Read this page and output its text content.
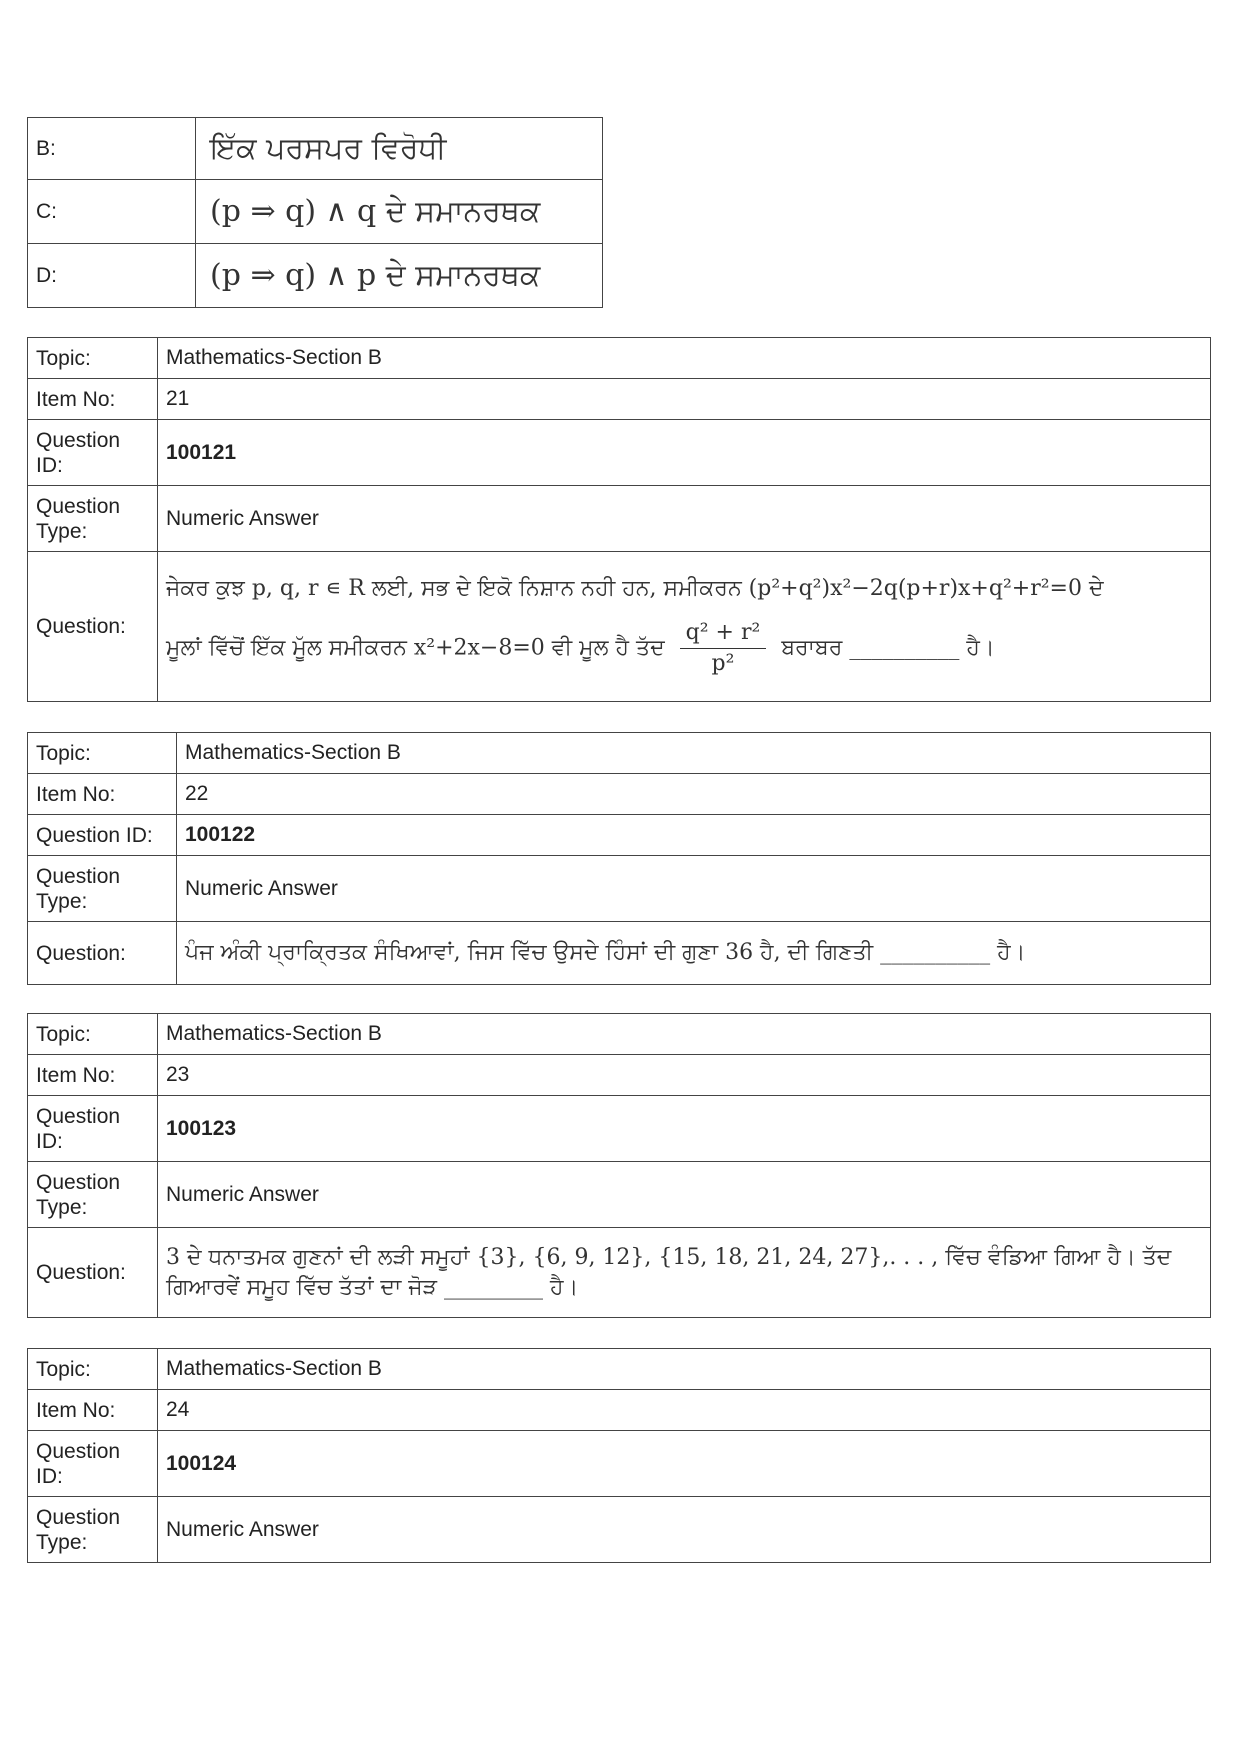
B:	ਇੱਕ ਪਰਸਪਰ ਵਿਰੋਧੀ
C:	(p ⇒ q) ∧ q ਦੇ ਸਮਾਨਰਥਕ
D:	(p ⇒ q) ∧ p ਦੇ ਸਮਾਨਰਥਕ
Topic:	Mathematics-Section B
Item No:	21
Question ID:	100121
Question Type:	Numeric Answer
Question:	ਜੇਕਰ ਕੁਝ p, q, r ∊ R ਲਈ, ਸਭ ਦੇ ਇਕੋ ਨਿਸ਼ਾਨ ਨਹੀ ਹਨ, ਸਮੀਕਰਨ (p²+q²)x²−2q(p+r)x+q²+r²=0 ਦੇ
ਮੂਲਾਂ ਵਿੱਚੋਂ ਇੱਕ ਮੂੱਲ ਸਮੀਕਰਨ x²+2x−8=0 ਵੀ ਮੂਲ ਹੈ ਤੱਦ $\frac{\text{q² + r²}}{\text{p²}}$ ਬਰਾਬਰ __________ ਹੈ।
Topic:	Mathematics-Section B
Item No:	22
Question ID:	100122
Question Type:	Numeric Answer
Question:	ਪੰਜ ਅੰਕੀ ਪ੍ਰਾਕ੍ਰਿਤਕ ਸੰਖਿਆਵਾਂ, ਜਿਸ ਵਿੱਚ ਉਸਦੇ ਹਿੰਸਾਂ ਦੀ ਗੁਣਾ 36 ਹੈ, ਦੀ ਗਿਣਤੀ __________ ਹੈ।
Topic:	Mathematics-Section B
Item No:	23
Question ID:	100123
Question Type:	Numeric Answer
Question:	3 ਦੇ ਧਨਾਤਮਕ ਗੁਣਨਾਂ ਦੀ ਲੜੀ ਸਮੂਹਾਂ {3}, {6, 9, 12}, {15, 18, 21, 24, 27},. . . , ਵਿੱਚ ਵੰਡਿਆ ਗਿਆ ਹੈ। ਤੱਦ
ਗਿਆਰਵੇਂ ਸਮੂਹ ਵਿੱਚ ਤੱਤਾਂ ਦਾ ਜੋੜ _________ ਹੈ।
Topic:	Mathematics-Section B
Item No:	24
Question ID:	100124
Question Type:	Numeric Answer
